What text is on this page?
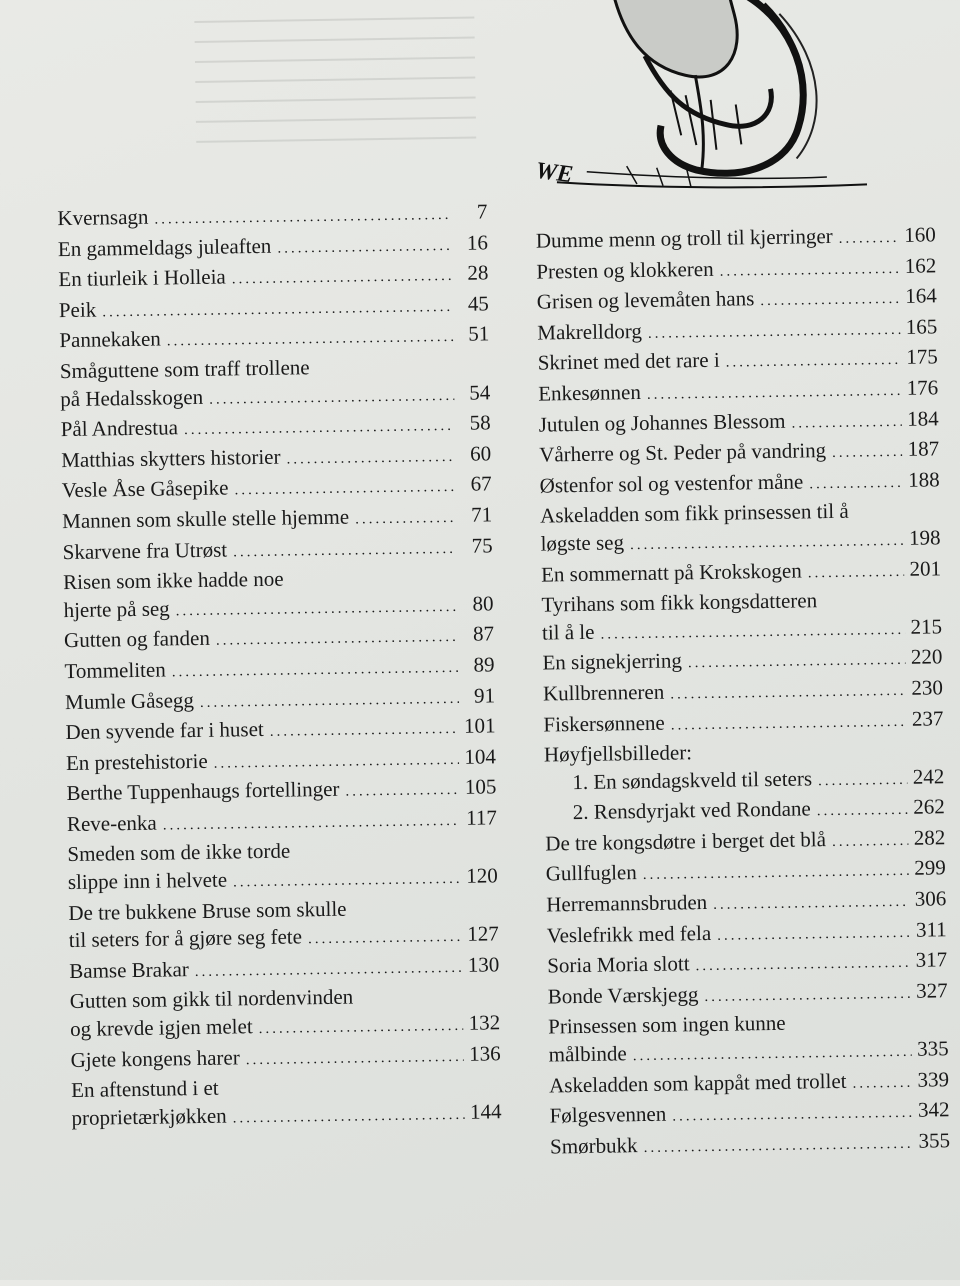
WE
Kvernsagn .....	7
En gammeldags juleaften .....	16
En tiurleik i Holleia .....	28
Peik .....	45
Pannekaken .....	51
Småguttene som traff trollene
på Hedalsskogen .....	54
Pål Andrestua .....	58
Matthias skytters historier .....	60
Vesle Åse Gåsepike .....	67
Mannen som skulle stelle hjemme .....	71
Skarvene fra Utrøst .....	75
Risen som ikke hadde noe
hjerte på seg .....	80
Gutten og fanden .....	87
Tommeliten .....	89
Mumle Gåsegg .....	91
Den syvende far i huset .....	101
En prestehistorie .....	104
Berthe Tuppenhaugs fortellinger .....	105
Reve-enka .....	117
Smeden som de ikke torde
slippe inn i helvete .....	120
De tre bukkene Bruse som skulle
til seters for å gjøre seg fete .....	127
Bamse Brakar .....	130
Gutten som gikk til nordenvinden
og krevde igjen melet .....	132
Gjete kongens harer .....	136
En aftenstund i et
proprietærkjøkken .....	144
Dumme menn og troll til kjerringer .....	160
Presten og klokkeren .....	162
Grisen og levemåten hans .....	164
Makrelldorg .....	165
Skrinet med det rare i .....	175
Enkesønnen .....	176
Jutulen og Johannes Blessom .....	184
Vårherre og St. Peder på vandring .....	187
Østenfor sol og vestenfor måne .....	188
Askeladden som fikk prinsessen til å
løgste seg .....	198
En sommernatt på Krokskogen .....	201
Tyrihans som fikk kongsdatteren
til å le .....	215
En signekjerring .....	220
Kullbrenneren .....	230
Fiskersønnene .....	237
Høyfjellsbilleder:
1. En søndagskveld til seters .....	242
2. Rensdyrjakt ved Rondane .....	262
De tre kongsdøtre i berget det blå .....	282
Gullfuglen .....	299
Herremannsbruden .....	306
Veslefrikk med fela .....	311
Soria Moria slott .....	317
Bonde Værskjegg .....	327
Prinsessen som ingen kunne
målbinde .....	335
Askeladden som kappåt med trollet .....	339
Følgesvennen .....	342
Smørbukk .....	355
